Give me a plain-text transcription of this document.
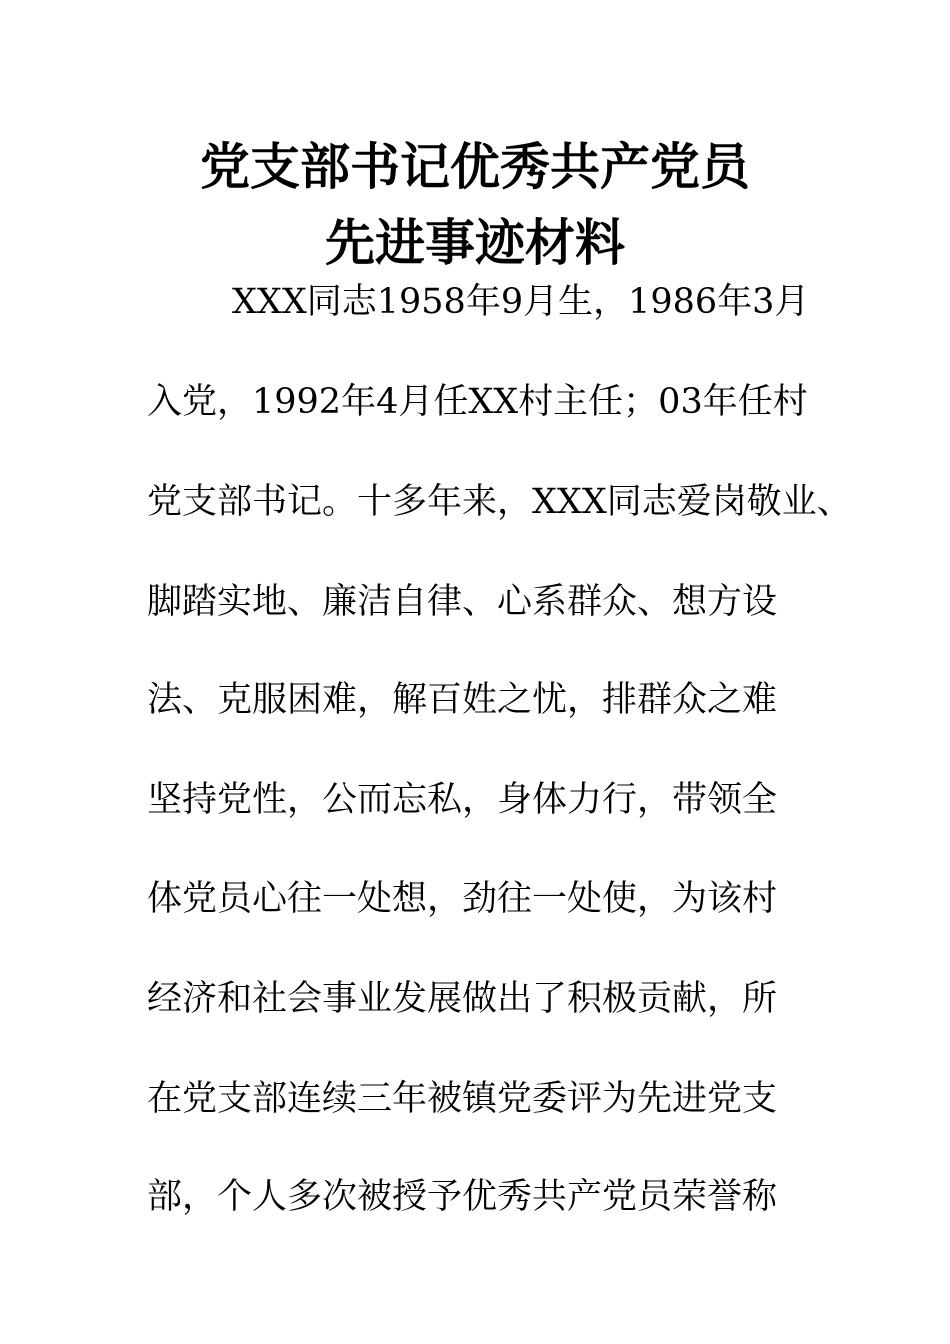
党支部书记优秀共产党员
先进事迹材料

XXX同志1958年9月生，1986年3月

入党，1992年4月任XX村主任；03年任村

党支部书记。十多年来，XXX同志爱岗敬业、

脚踏实地、廉洁自律、心系群众、想方设

法、克服困难，解百姓之忧，排群众之难

坚持党性，公而忘私，身体力行，带领全

体党员心往一处想，劲往一处使，为该村

经济和社会事业发展做出了积极贡献，所

在党支部连续三年被镇党委评为先进党支

部，个人多次被授予优秀共产党员荣誉称
